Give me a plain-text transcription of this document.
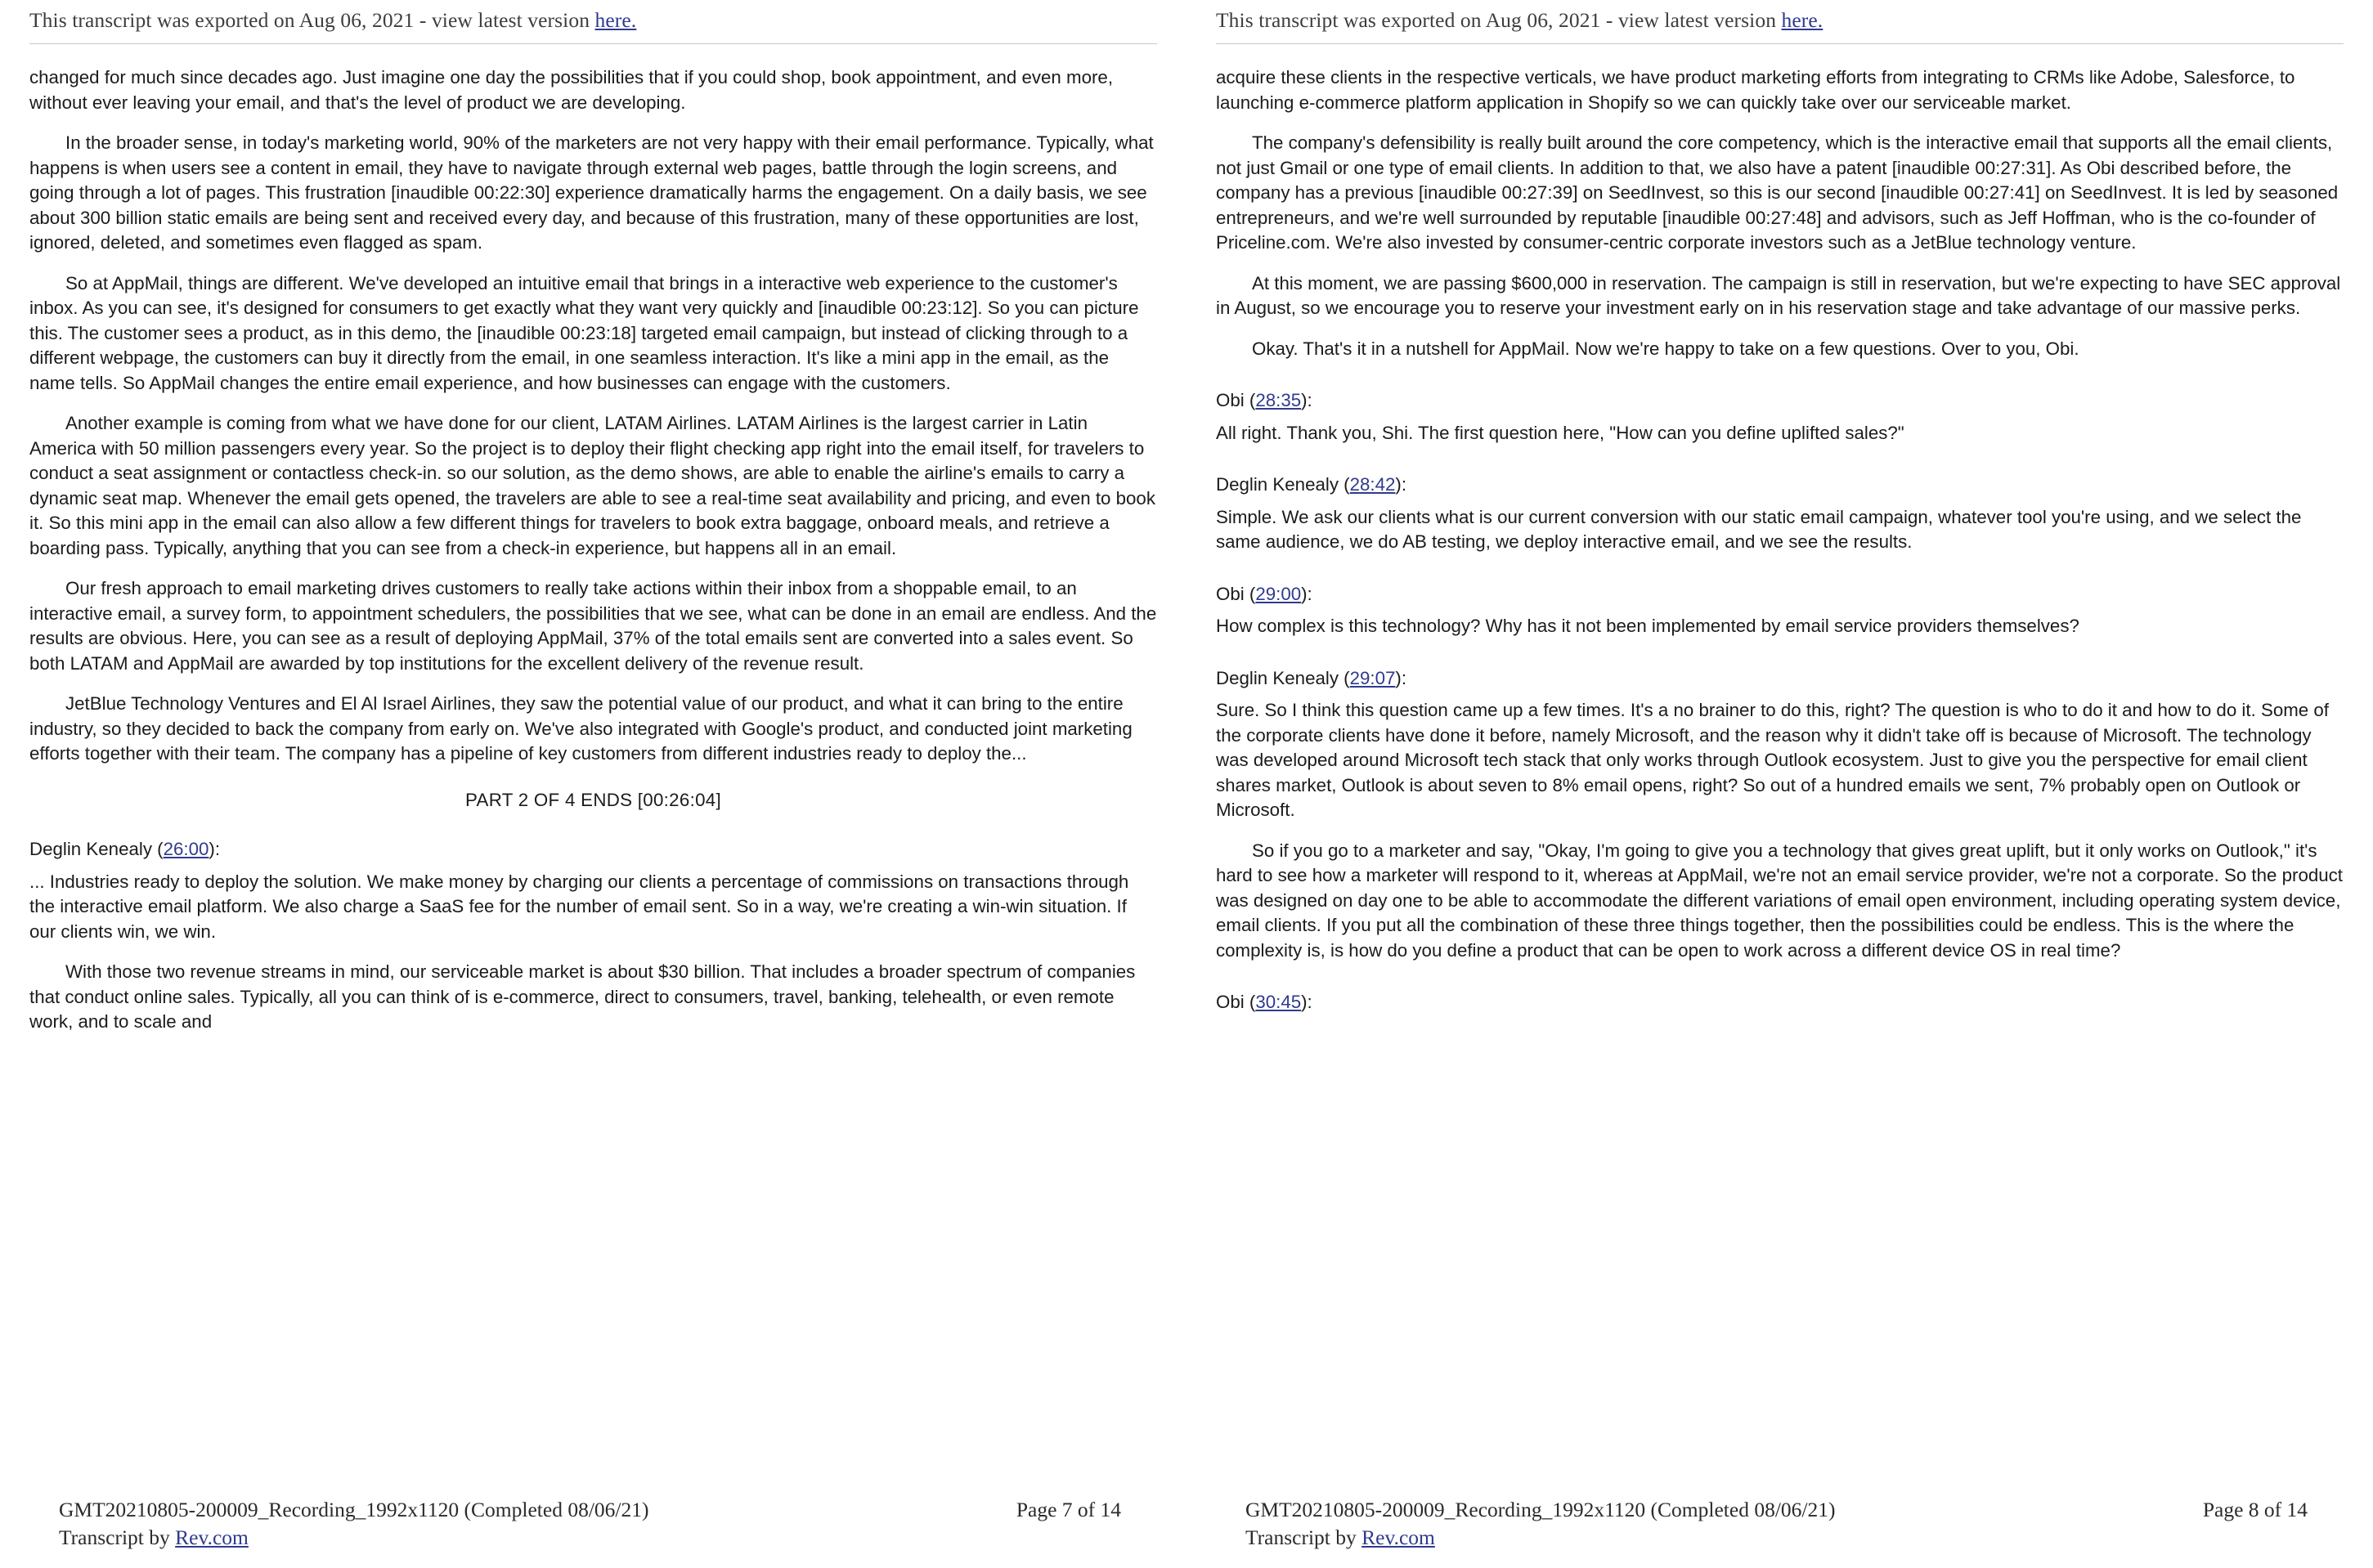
This transcript was exported on Aug 06, 2021 - view latest version here.

changed for much since decades ago. Just imagine one day the possibilities that if you could shop, book appointment, and even more, without ever leaving your email, and that's the level of product we are developing.

In the broader sense, in today's marketing world, 90% of the marketers are not very happy with their email performance. Typically, what happens is when users see a content in email, they have to navigate through external web pages, battle through the login screens, and going through a lot of pages. This frustration [inaudible 00:22:30] experience dramatically harms the engagement. On a daily basis, we see about 300 billion static emails are being sent and received every day, and because of this frustration, many of these opportunities are lost, ignored, deleted, and sometimes even flagged as spam.

So at AppMail, things are different. We've developed an intuitive email that brings in a interactive web experience to the customer's inbox. As you can see, it's designed for consumers to get exactly what they want very quickly and [inaudible 00:23:12]. So you can picture this. The customer sees a product, as in this demo, the [inaudible 00:23:18] targeted email campaign, but instead of clicking through to a different webpage, the customers can buy it directly from the email, in one seamless interaction. It's like a mini app in the email, as the name tells. So AppMail changes the entire email experience, and how businesses can engage with the customers.

Another example is coming from what we have done for our client, LATAM Airlines. LATAM Airlines is the largest carrier in Latin America with 50 million passengers every year. So the project is to deploy their flight checking app right into the email itself, for travelers to conduct a seat assignment or contactless check-in. so our solution, as the demo shows, are able to enable the airline's emails to carry a dynamic seat map. Whenever the email gets opened, the travelers are able to see a real-time seat availability and pricing, and even to book it. So this mini app in the email can also allow a few different things for travelers to book extra baggage, onboard meals, and retrieve a boarding pass. Typically, anything that you can see from a check-in experience, but happens all in an email.

Our fresh approach to email marketing drives customers to really take actions within their inbox from a shoppable email, to an interactive email, a survey form, to appointment schedulers, the possibilities that we see, what can be done in an email are endless. And the results are obvious. Here, you can see as a result of deploying AppMail, 37% of the total emails sent are converted into a sales event. So both LATAM and AppMail are awarded by top institutions for the excellent delivery of the revenue result.

JetBlue Technology Ventures and El Al Israel Airlines, they saw the potential value of our product, and what it can bring to the entire industry, so they decided to back the company from early on. We've also integrated with Google's product, and conducted joint marketing efforts together with their team. The company has a pipeline of key customers from different industries ready to deploy the...

PART 2 OF 4 ENDS [00:26:04]

Deglin Kenealy (26:00):

... Industries ready to deploy the solution. We make money by charging our clients a percentage of commissions on transactions through the interactive email platform. We also charge a SaaS fee for the number of email sent. So in a way, we're creating a win-win situation. If our clients win, we win.

With those two revenue streams in mind, our serviceable market is about $30 billion. That includes a broader spectrum of companies that conduct online sales. Typically, all you can think of is e-commerce, direct to consumers, travel, banking, telehealth, or even remote work, and to scale and

GMT20210805-200009_Recording_1992x1120 (Completed 08/06/21)	Page 7 of 14
Transcript by Rev.com
This transcript was exported on Aug 06, 2021 - view latest version here.

acquire these clients in the respective verticals, we have product marketing efforts from integrating to CRMs like Adobe, Salesforce, to launching e-commerce platform application in Shopify so we can quickly take over our serviceable market.

The company's defensibility is really built around the core competency, which is the interactive email that supports all the email clients, not just Gmail or one type of email clients. In addition to that, we also have a patent [inaudible 00:27:31]. As Obi described before, the company has a previous [inaudible 00:27:39] on SeedInvest, so this is our second [inaudible 00:27:41] on SeedInvest. It is led by seasoned entrepreneurs, and we're well surrounded by reputable [inaudible 00:27:48] and advisors, such as Jeff Hoffman, who is the co-founder of Priceline.com. We're also invested by consumer-centric corporate investors such as a JetBlue technology venture.

At this moment, we are passing $600,000 in reservation. The campaign is still in reservation, but we're expecting to have SEC approval in August, so we encourage you to reserve your investment early on in his reservation stage and take advantage of our massive perks.

Okay. That's it in a nutshell for AppMail. Now we're happy to take on a few questions. Over to you, Obi.

Obi (28:35):

All right. Thank you, Shi. The first question here, "How can you define uplifted sales?"

Deglin Kenealy (28:42):

Simple. We ask our clients what is our current conversion with our static email campaign, whatever tool you're using, and we select the same audience, we do AB testing, we deploy interactive email, and we see the results.

Obi (29:00):

How complex is this technology? Why has it not been implemented by email service providers themselves?

Deglin Kenealy (29:07):

Sure. So I think this question came up a few times. It's a no brainer to do this, right? The question is who to do it and how to do it. Some of the corporate clients have done it before, namely Microsoft, and the reason why it didn't take off is because of Microsoft. The technology was developed around Microsoft tech stack that only works through Outlook ecosystem. Just to give you the perspective for email client shares market, Outlook is about seven to 8% email opens, right? So out of a hundred emails we sent, 7% probably open on Outlook or Microsoft.

So if you go to a marketer and say, "Okay, I'm going to give you a technology that gives great uplift, but it only works on Outlook," it's hard to see how a marketer will respond to it, whereas at AppMail, we're not an email service provider, we're not a corporate. So the product was designed on day one to be able to accommodate the different variations of email open environment, including operating system device, email clients. If you put all the combination of these three things together, then the possibilities could be endless. This is the where the complexity is, is how do you define a product that can be open to work across a different device OS in real time?

Obi (30:45):

GMT20210805-200009_Recording_1992x1120 (Completed 08/06/21)	Page 8 of 14
Transcript by Rev.com
